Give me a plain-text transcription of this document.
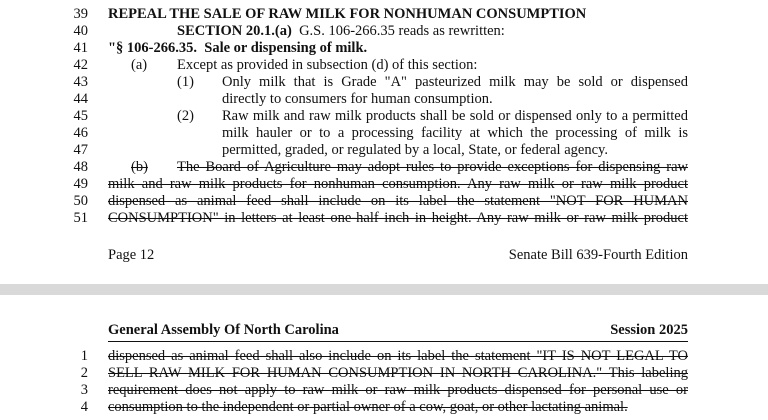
39 REPEAL THE SALE OF RAW MILK FOR NONHUMAN CONSUMPTION
40	SECTION 20.1.(a)  G.S. 106-266.35 reads as rewritten:
41 "§ 106-266.35.  Sale or dispensing of milk.
42	(a) Except as provided in subsection (d) of this section:
43	(1) Only milk that is Grade "A" pasteurized milk may be sold or dispensed
44	directly to consumers for human consumption.
45	(2) Raw milk and raw milk products shall be sold or dispensed only to a permitted
46	milk hauler or to a processing facility at which the processing of milk is
47	permitted, graded, or regulated by a local, State, or federal agency.
48	(b) The Board of Agriculture may adopt rules to provide exceptions for dispensing raw
49 milk and raw milk products for nonhuman consumption. Any raw milk or raw milk product
50 dispensed as animal feed shall include on its label the statement "NOT FOR HUMAN
51 CONSUMPTION" in letters at least one-half inch in height. Any raw milk or raw milk product
Page 12	Senate Bill 639-Fourth Edition
General Assembly Of North Carolina	Session 2025
1 dispensed as animal feed shall also include on its label the statement "IT IS NOT LEGAL TO
2 SELL RAW MILK FOR HUMAN CONSUMPTION IN NORTH CAROLINA." This labeling
3 requirement does not apply to raw milk or raw milk products dispensed for personal use or
4 consumption to the independent or partial owner of a cow, goat, or other lactating animal.
